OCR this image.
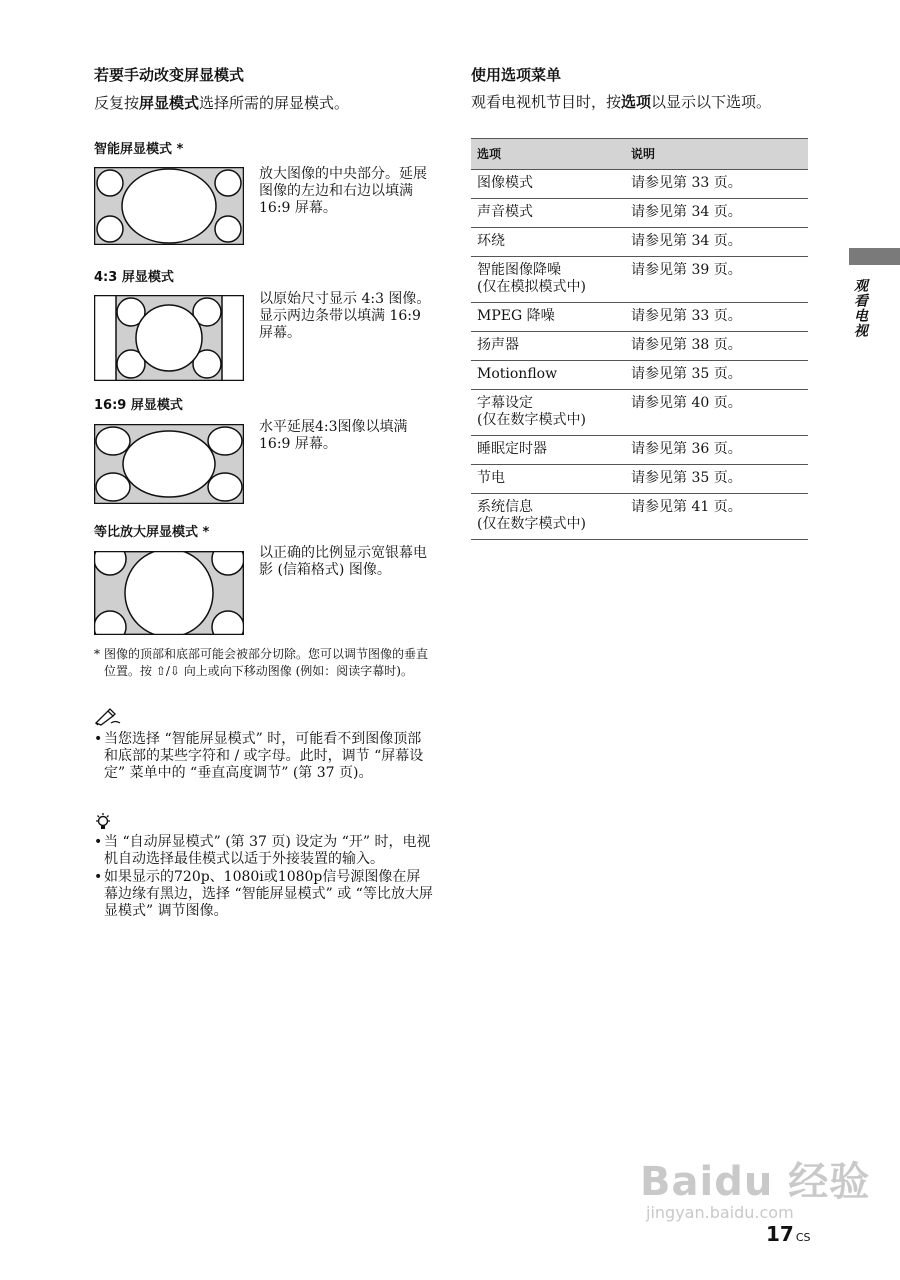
若要手动改变屏显模式
反复按屏显模式选择所需的屏显模式。
智能屏显模式 *
放大图像的中央部分。延展图像的左边和右边以填满 16:9 屏幕。
4:3 屏显模式
以原始尺寸显示 4:3 图像。显示两边条带以填满 16:9 屏幕。
16:9 屏显模式
水平延展4:3图像以填满16:9 屏幕。
等比放大屏显模式 *
以正确的比例显示宽银幕电影 (信箱格式) 图像。
* 图像的顶部和底部可能会被部分切除。您可以调节图像的垂直位置。按 ⇧/⇩ 向上或向下移动图像 (例如：阅读字幕时)。
• 当您选择 “智能屏显模式” 时，可能看不到图像顶部和底部的某些字符和 / 或字母。此时，调节 “屏幕设定” 菜单中的 “垂直高度调节” (第 37 页)。
• 当 “自动屏显模式” (第 37 页) 设定为 “开” 时，电视机自动选择最佳模式以适于外接装置的输入。
• 如果显示的720p、1080i或1080p信号源图像在屏幕边缘有黑边，选择 “智能屏显模式” 或 “等比放大屏显模式” 调节图像。
使用选项菜单
观看电视机节目时，按选项以显示以下选项。
选项	说明
图像模式	请参见第 33 页。
声音模式	请参见第 34 页。
环绕	请参见第 34 页。
智能图像降噪
(仅在模拟模式中)	请参见第 39 页。
MPEG 降噪	请参见第 33 页。
扬声器	请参见第 38 页。
Motionflow	请参见第 35 页。
字幕设定
(仅在数字模式中)	请参见第 40 页。
睡眠定时器	请参见第 36 页。
节电	请参见第 35 页。
系统信息
(仅在数字模式中)	请参见第 41 页。
观看电视
17 CS
Baidu 经验
jingyan.baidu.com
